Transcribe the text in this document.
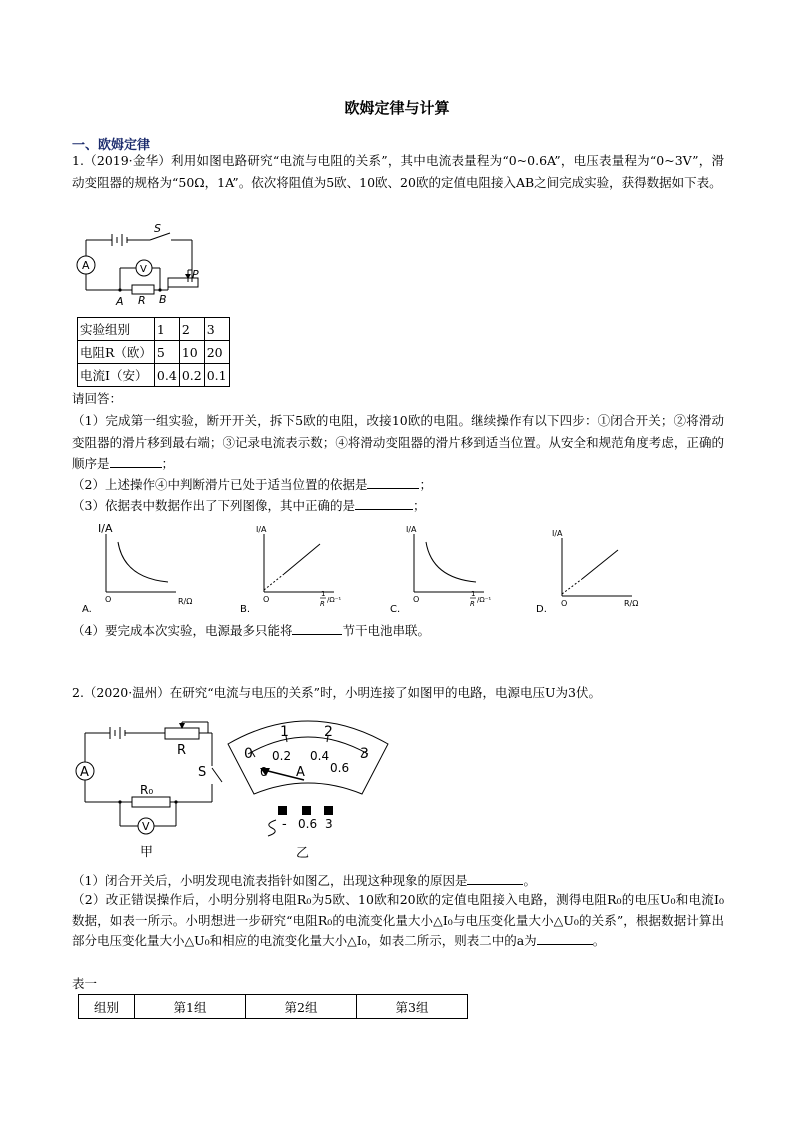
欧姆定律与计算
一、欧姆定律
1.（2019·金华）利用如图电路研究“电流与电阻的关系”，其中电流表量程为“0~0.6A”，电压表量程为“0~3V”，滑动变阻器的规格为“50Ω，1A”。依次将阻值为5欧、10欧、20欧的定值电阻接入AB之间完成实验，获得数据如下表。
A	V
S
P
A R B
实验组别	1	2	3
电阻R（欧）	5	10	20
电流I（安）	0.4	0.2	0.1
请回答：
（1）完成第一组实验，断开开关，拆下5欧的电阻，改接10欧的电阻。继续操作有以下四步：①闭合开关；②将滑动变阻器的滑片移到最右端；③记录电流表示数；④将滑动变阻器的滑片移到适当位置。从安全和规范角度考虑，正确的顺序是	；
（2）上述操作④中判断滑片已处于适当位置的依据是	；
（3）依据表中数据作出了下列图像，其中正确的是	；
I/A
O	R/Ω
A.
I/A
O
1
R /Ω⁻¹
B.
I/A
O
1
R /Ω⁻¹
C.
I/A
O	R/Ω
D.
（4）要完成本次实验，电源最多只能将	节干电池串联。
2.（2020·温州）在研究“电流与电压的关系”时，小明连接了如图甲的电路，电源电压U为3伏。
A
V
R
S
R₀
甲
0
1	2
3
0.2 0.4
0.6
0 A
- 0.6 3
乙
（1）闭合开关后，小明发现电流表指针如图乙，出现这种现象的原因是	。
（2）改正错误操作后，小明分别将电阻R₀为5欧、10欧和20欧的定值电阻接入电路，测得电阻R₀的电压U₀和电流I₀数据，如表一所示。小明想进一步研究“电阻R₀的电流变化量大小△I₀与电压变化量大小△U₀的关系”，根据数据计算出部分电压变化量大小△U₀和相应的电流变化量大小△I₀，如表二所示，则表二中的a为	。
表一
组别	第1组	第2组	第3组
